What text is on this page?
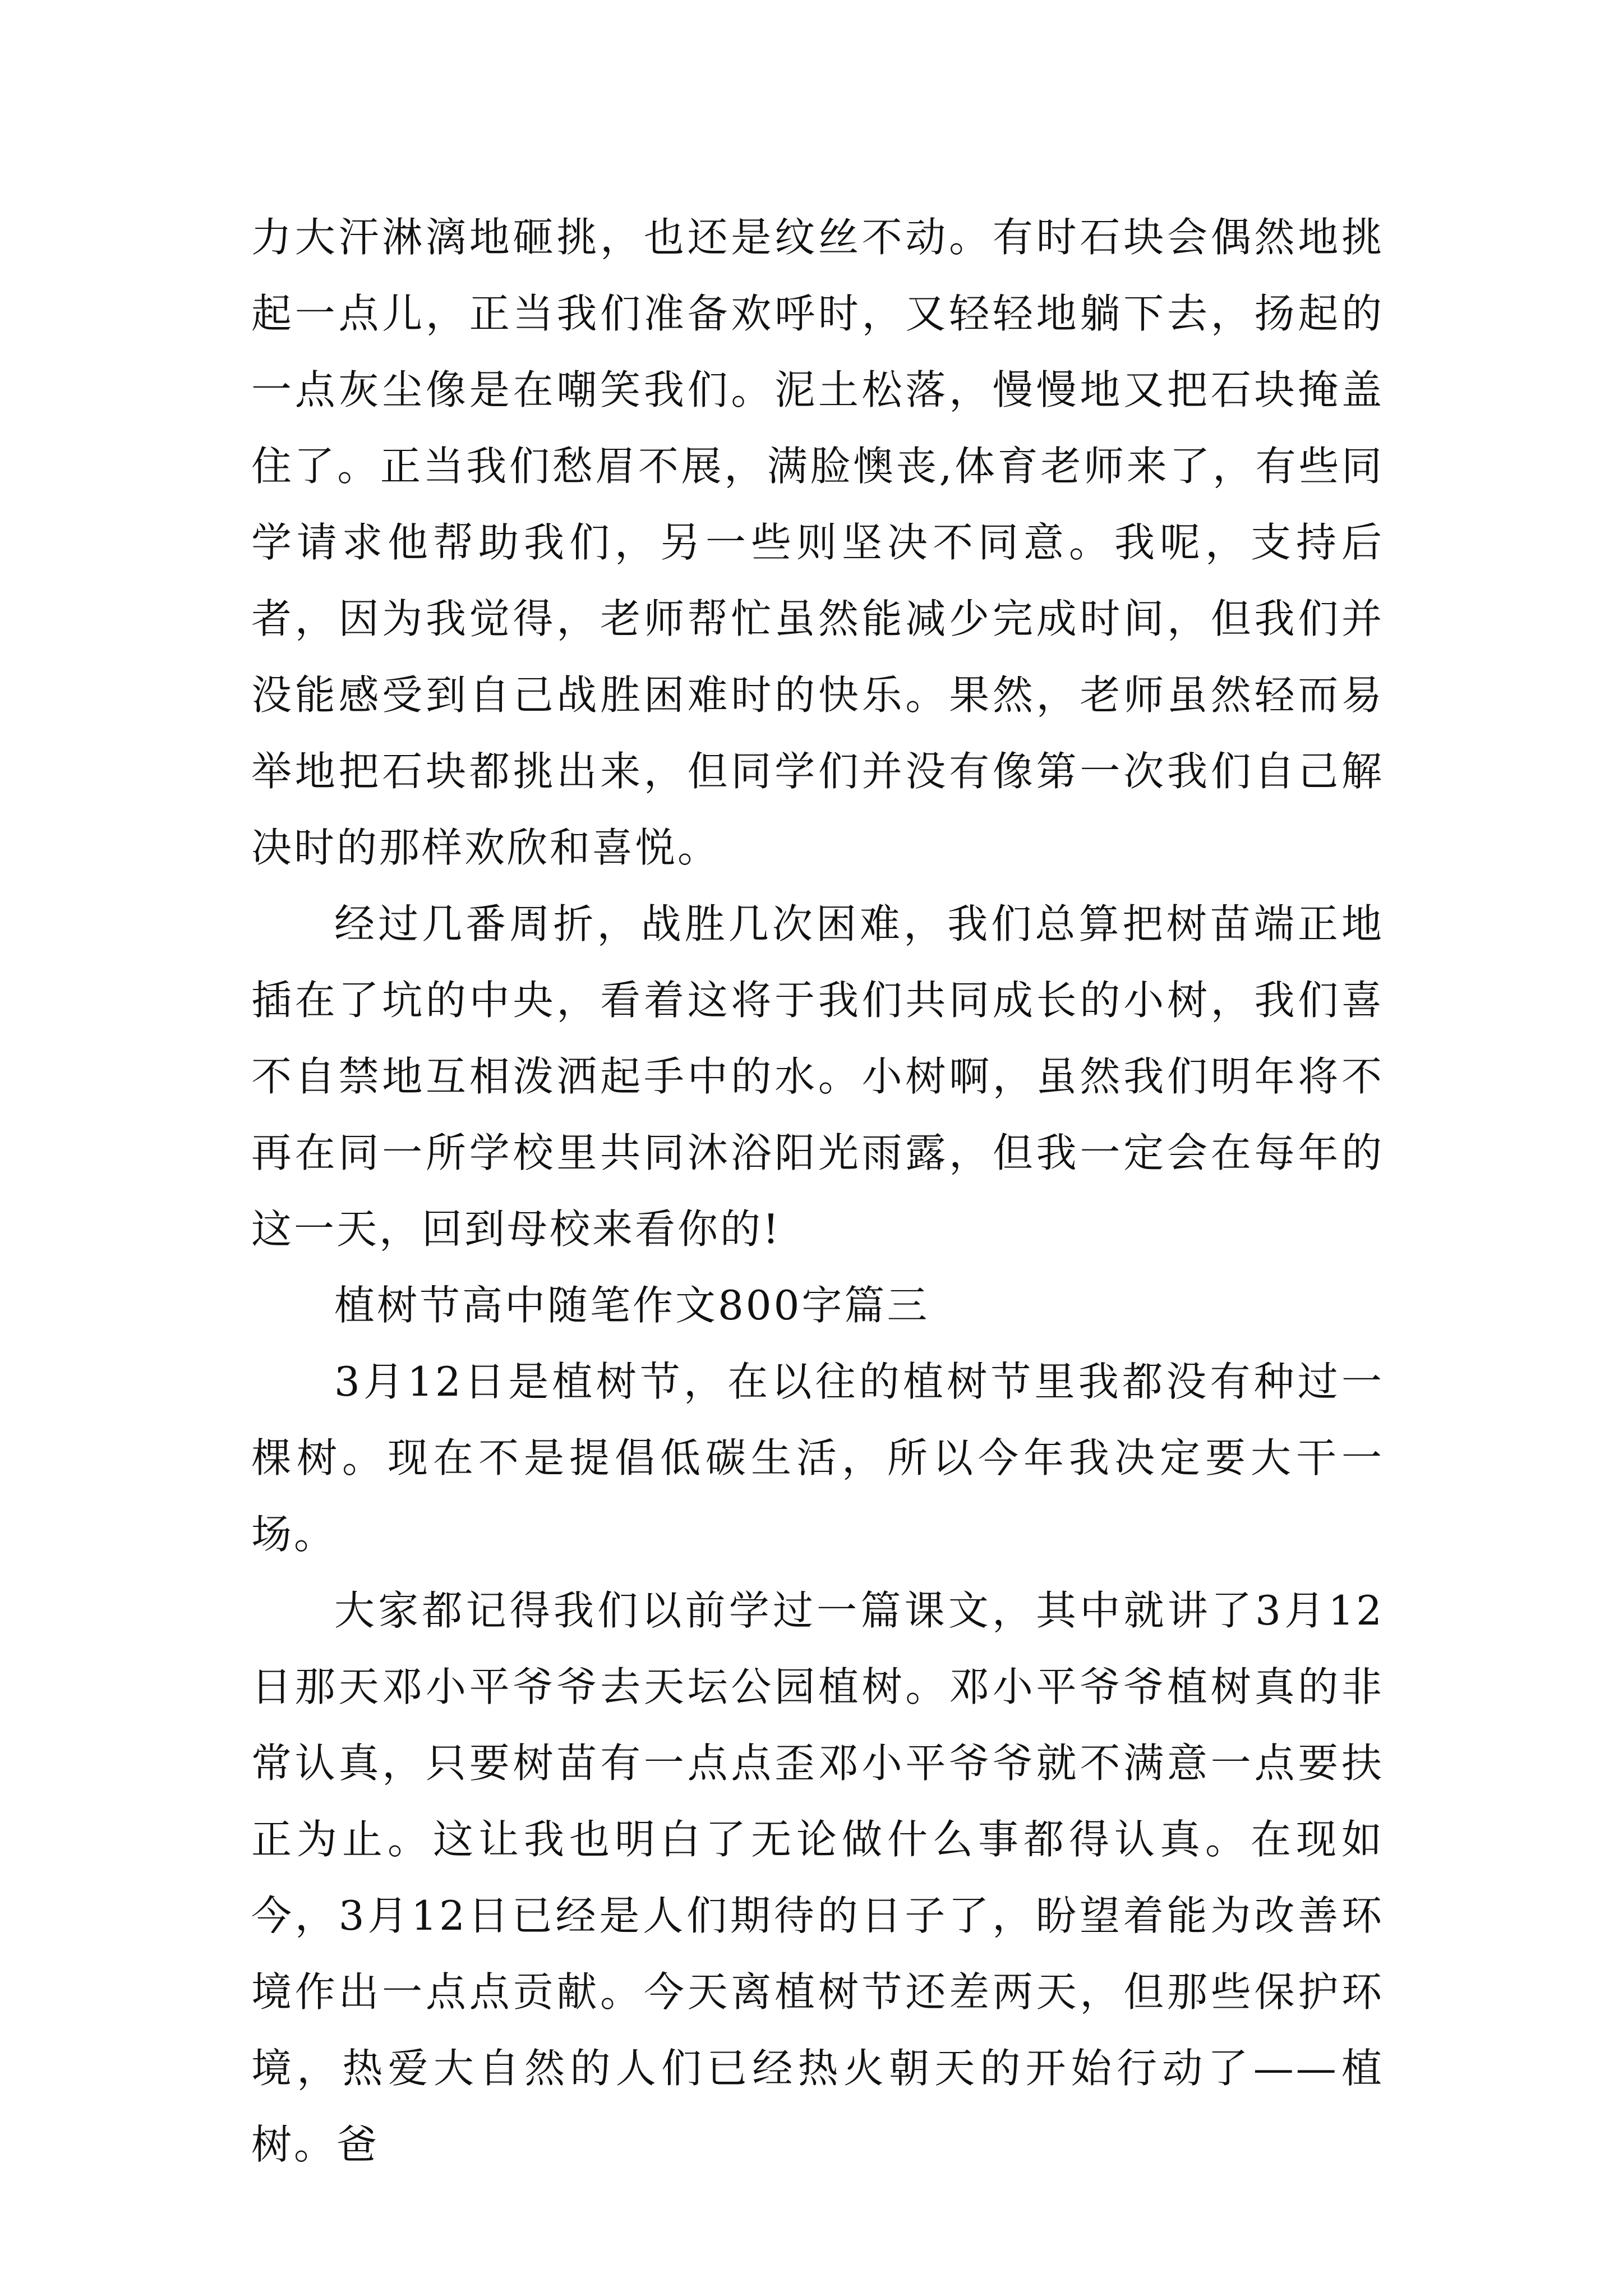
力大汗淋漓地砸挑，也还是纹丝不动。有时石块会偶然地挑起一点儿，正当我们准备欢呼时，又轻轻地躺下去，扬起的一点灰尘像是在嘲笑我们。泥土松落，慢慢地又把石块掩盖住了。正当我们愁眉不展，满脸懊丧,体育老师来了，有些同学请求他帮助我们，另一些则坚决不同意。我呢，支持后者，因为我觉得，老师帮忙虽然能减少完成时间，但我们并没能感受到自己战胜困难时的快乐。果然，老师虽然轻而易举地把石块都挑出来，但同学们并没有像第一次我们自己解决时的那样欢欣和喜悦。

经过几番周折，战胜几次困难，我们总算把树苗端正地插在了坑的中央，看着这将于我们共同成长的小树，我们喜不自禁地互相泼洒起手中的水。小树啊，虽然我们明年将不再在同一所学校里共同沐浴阳光雨露，但我一定会在每年的这一天，回到母校来看你的!

植树节高中随笔作文800字篇三

3月12日是植树节，在以往的植树节里我都没有种过一棵树。现在不是提倡低碳生活，所以今年我决定要大干一场。

大家都记得我们以前学过一篇课文，其中就讲了3月12日那天邓小平爷爷去天坛公园植树。邓小平爷爷植树真的非常认真，只要树苗有一点点歪邓小平爷爷就不满意一点要扶正为止。这让我也明白了无论做什么事都得认真。在现如今，3月12日已经是人们期待的日子了，盼望着能为改善环境作出一点点贡献。今天离植树节还差两天，但那些保护环境，热爱大自然的人们已经热火朝天的开始行动了——植树。爸
